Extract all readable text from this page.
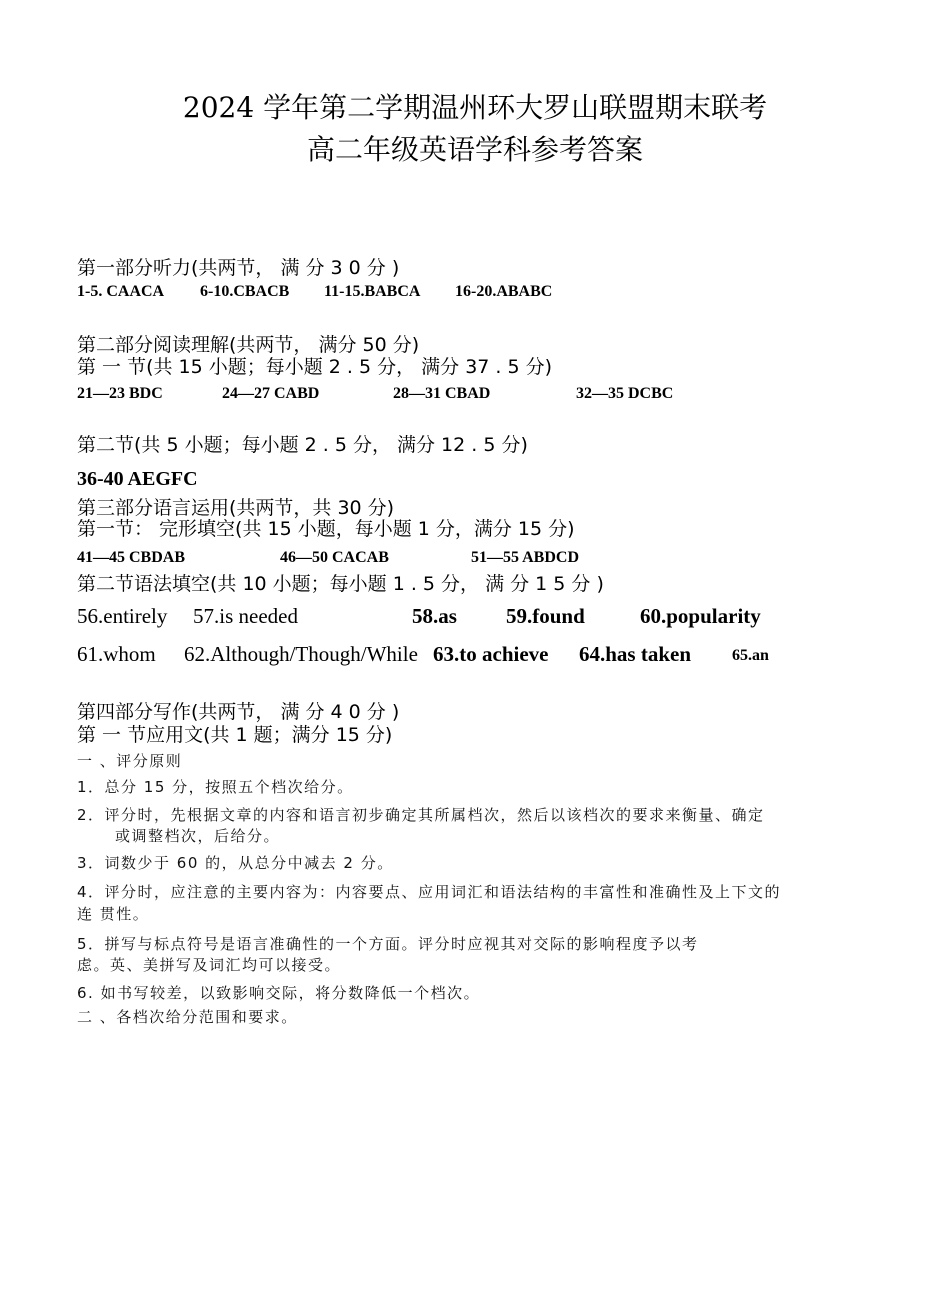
2024 学年第二学期温州环大罗山联盟期末联考
高二年级英语学科参考答案
第一部分听力(共两节， 满 分 3 0 分 )
1-5. CAACA 6-10.CBACB 11-15.BABCA 16-20.ABABC
第二部分阅读理解(共两节， 满分 50 分)
第 一 节(共 15 小题；每小题 2 . 5 分， 满分 37 . 5 分)
21—23 BDC	24—27 CABD	28—31 CBAD	32—35 DCBC
第二节(共 5 小题；每小题 2 . 5 分， 满分 12 . 5 分)
36-40 AEGFC
第三部分语言运用(共两节，共 30 分)
第一节： 完形填空(共 15 小题，每小题 1 分，满分 15 分)
41—45 CBDAB	46—50 CACAB	51—55 ABDCD
第二节语法填空(共 10 小题；每小题 1 . 5 分， 满 分 1 5 分 )
56.entirely 57.is needed	58.as 59.found	60.popularity
61.whom 62.Although/Though/While 63.to achieve 64.has taken	65.an
第四部分写作(共两节， 满 分 4 0 分 )
第 一 节应用文(共 1 题；满分 15 分)
一 、评分原则
1．总分 15 分，按照五个档次给分。
2．评分时，先根据文章的内容和语言初步确定其所属档次，然后以该档次的要求来衡量、确定
或调整档次，后给分。
3．词数少于 60 的，从总分中减去 2 分。
4．评分时，应注意的主要内容为：内容要点、应用词汇和语法结构的丰富性和准确性及上下文的
连 贯性。
5．拼写与标点符号是语言准确性的一个方面。评分时应视其对交际的影响程度予以考
虑。英、美拼写及词汇均可以接受。
6. 如书写较差，以致影响交际，将分数降低一个档次。
二 、各档次给分范围和要求。
